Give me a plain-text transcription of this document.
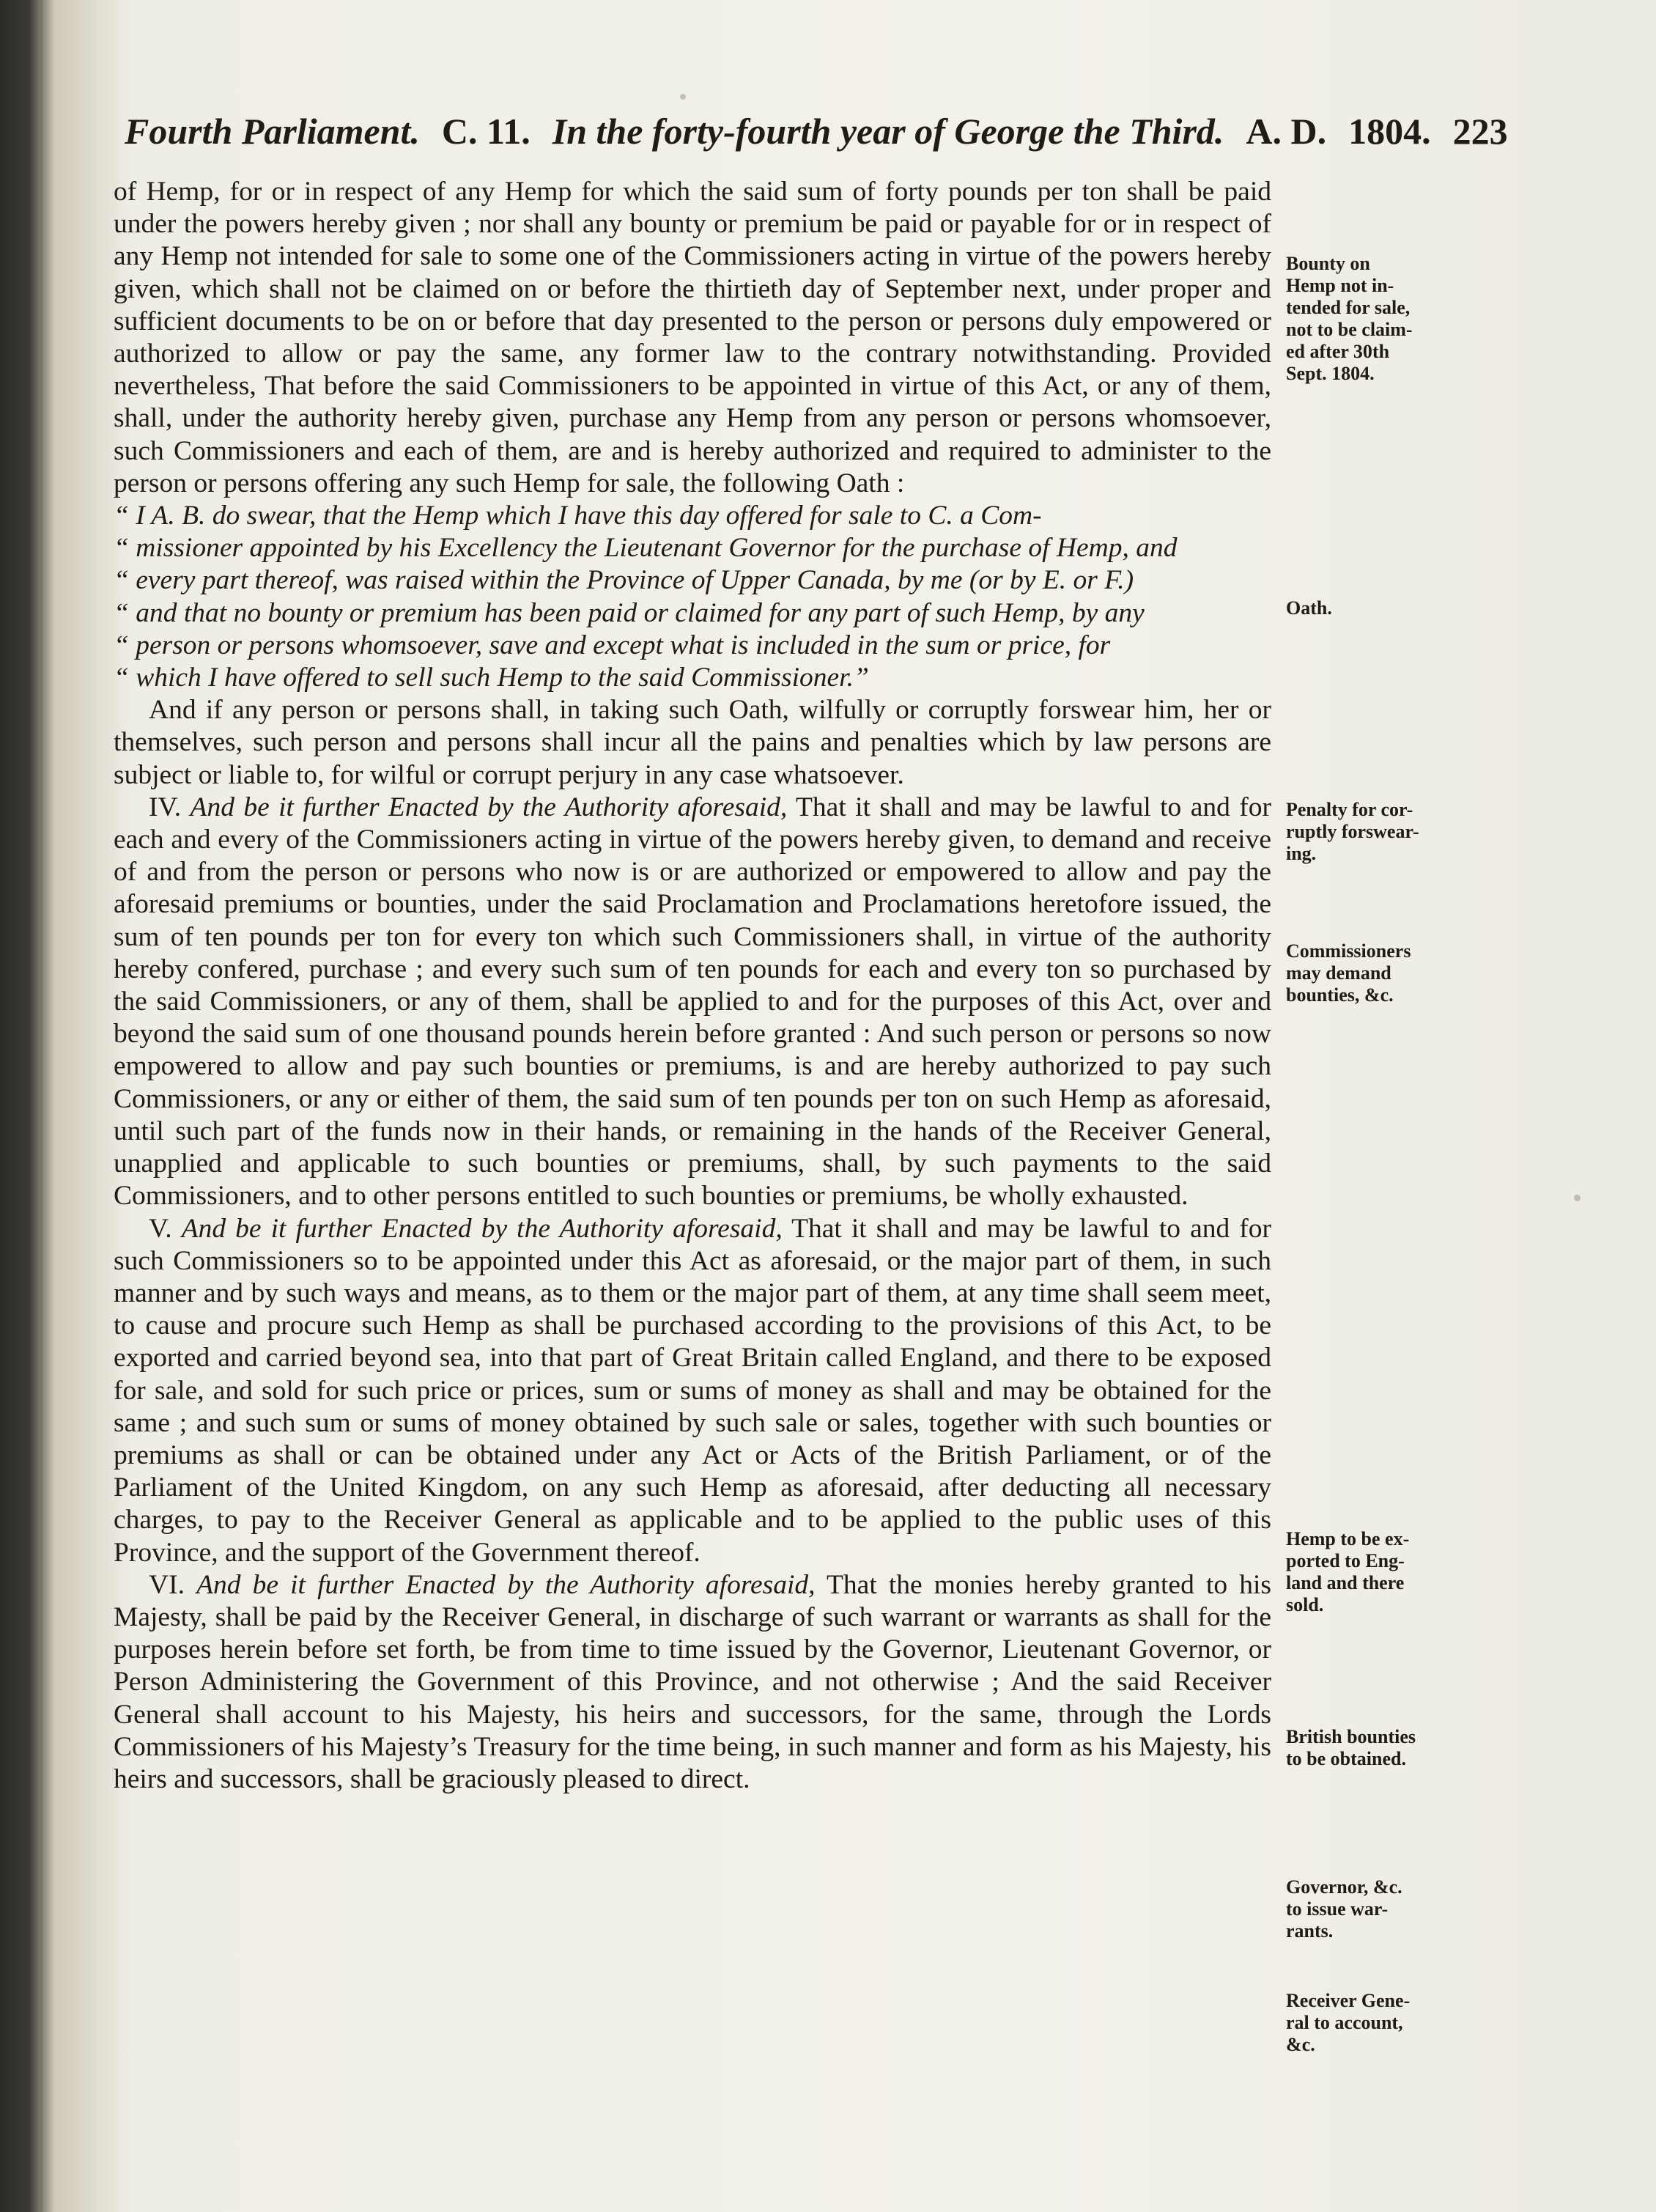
Fourth Parliament. C. 11. In the forty-fourth year of George the Third. A. D. 1804. 223

of Hemp, for or in respect of any Hemp for which the said sum of forty pounds per ton shall be paid under the powers hereby given ; nor shall any bounty or premium be paid or payable for or in respect of any Hemp not intended for sale to some one of the Commissioners acting in virtue of the powers hereby given, which shall not be claimed on or before the thirtieth day of September next, under proper and sufficient documents to be on or before that day presented to the person or persons duly empowered or authorized to allow or pay the same, any former law to the contrary notwithstanding. Provided nevertheless, That before the said Commissioners to be appointed in virtue of this Act, or any of them, shall, under the authority hereby given, purchase any Hemp from any person or persons whomsoever, such Commissioners and each of them, are and is hereby authorized and required to administer to the person or persons offering any such Hemp for sale, the following Oath :

“ I A. B. do swear, that the Hemp which I have this day offered for sale to C. a Com-
“ missioner appointed by his Excellency the Lieutenant Governor for the purchase of Hemp, and
“ every part thereof, was raised within the Province of Upper Canada, by me (or by E. or F.)
“ and that no bounty or premium has been paid or claimed for any part of such Hemp, by any
“ person or persons whomsoever, save and except what is included in the sum or price, for
“ which I have offered to sell such Hemp to the said Commissioner.”

And if any person or persons shall, in taking such Oath, wilfully or corruptly forswear him, her or themselves, such person and persons shall incur all the pains and penalties which by law persons are subject or liable to, for wilful or corrupt perjury in any case whatsoever.

IV. And be it further Enacted by the Authority aforesaid, That it shall and may be lawful to and for each and every of the Commissioners acting in virtue of the powers hereby given, to demand and receive of and from the person or persons who now is or are authorized or empowered to allow and pay the aforesaid premiums or bounties, under the said Proclamation and Proclamations heretofore issued, the sum of ten pounds per ton for every ton which such Commissioners shall, in virtue of the authority hereby confered, purchase ; and every such sum of ten pounds for each and every ton so purchased by the said Commissioners, or any of them, shall be applied to and for the purposes of this Act, over and beyond the said sum of one thousand pounds herein before granted : And such person or persons so now empowered to allow and pay such bounties or premiums, is and are hereby authorized to pay such Commissioners, or any or either of them, the said sum of ten pounds per ton on such Hemp as aforesaid, until such part of the funds now in their hands, or remaining in the hands of the Receiver General, unapplied and applicable to such bounties or premiums, shall, by such payments to the said Commissioners, and to other persons entitled to such bounties or premiums, be wholly exhausted.

V. And be it further Enacted by the Authority aforesaid, That it shall and may be lawful to and for such Commissioners so to be appointed under this Act as aforesaid, or the major part of them, in such manner and by such ways and means, as to them or the major part of them, at any time shall seem meet, to cause and procure such Hemp as shall be purchased according to the provisions of this Act, to be exported and carried beyond sea, into that part of Great Britain called England, and there to be exposed for sale, and sold for such price or prices, sum or sums of money as shall and may be obtained for the same ; and such sum or sums of money obtained by such sale or sales, together with such bounties or premiums as shall or can be obtained under any Act or Acts of the British Parliament, or of the Parliament of the United Kingdom, on any such Hemp as aforesaid, after deducting all necessary charges, to pay to the Receiver General as applicable and to be applied to the public uses of this Province, and the support of the Government thereof.

VI. And be it further Enacted by the Authority aforesaid, That the monies hereby granted to his Majesty, shall be paid by the Receiver General, in discharge of such warrant or warrants as shall for the purposes herein before set forth, be from time to time issued by the Governor, Lieutenant Governor, or Person Administering the Government of this Province, and not otherwise ; And the said Receiver General shall account to his Majesty, his heirs and successors, for the same, through the Lords Commissioners of his Majesty’s Treasury for the time being, in such manner and form as his Majesty, his heirs and successors, shall be graciously pleased to direct.

Bounty on
Hemp not in-
tended for sale,
not to be claim-
ed after 30th
Sept. 1804.
Oath.
Penalty for cor-
ruptly forswear-
ing.
Commissioners
may demand
bounties, &c.
Hemp to be ex-
ported to Eng-
land and there
sold.
British bounties
to be obtained.
Governor, &c.
to issue war-
rants.
Receiver Gene-
ral to account,
&c.
